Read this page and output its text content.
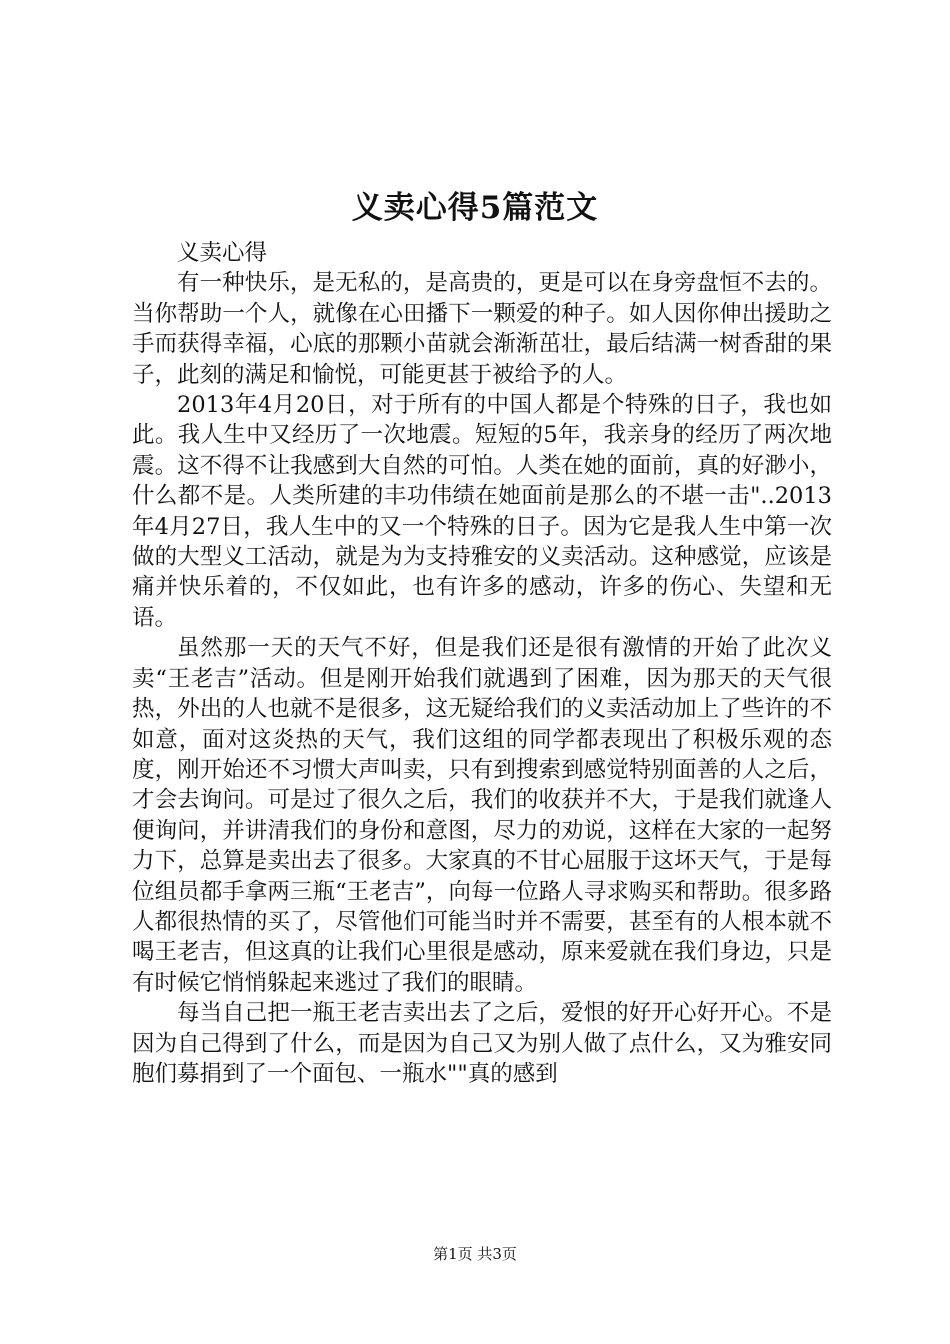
义卖心得5篇范文

义卖心得

有一种快乐，是无私的，是高贵的，更是可以在身旁盘恒不去的。当你帮助一个人，就像在心田播下一颗爱的种子。如人因你伸出援助之手而获得幸福，心底的那颗小苗就会渐渐茁壮，最后结满一树香甜的果子，此刻的满足和愉悦，可能更甚于被给予的人。

2013年4月20日，对于所有的中国人都是个特殊的日子，我也如此。我人生中又经历了一次地震。短短的5年，我亲身的经历了两次地震。这不得不让我感到大自然的可怕。人类在她的面前，真的好渺小，什么都不是。人类所建的丰功伟绩在她面前是那么的不堪一击"..2013年4月27日，我人生中的又一个特殊的日子。因为它是我人生中第一次做的大型义工活动，就是为为支持雅安的义卖活动。这种感觉，应该是痛并快乐着的，不仅如此，也有许多的感动，许多的伤心、失望和无语。

虽然那一天的天气不好，但是我们还是很有激情的开始了此次义卖“王老吉”活动。但是刚开始我们就遇到了困难，因为那天的天气很热，外出的人也就不是很多，这无疑给我们的义卖活动加上了些许的不如意，面对这炎热的天气，我们这组的同学都表现出了积极乐观的态度，刚开始还不习惯大声叫卖，只有到搜索到感觉特别面善的人之后，才会去询问。可是过了很久之后，我们的收获并不大，于是我们就逢人便询问，并讲清我们的身份和意图，尽力的劝说，这样在大家的一起努力下，总算是卖出去了很多。大家真的不甘心屈服于这坏天气，于是每位组员都手拿两三瓶“王老吉”，向每一位路人寻求购买和帮助。很多路人都很热情的买了，尽管他们可能当时并不需要，甚至有的人根本就不喝王老吉，但这真的让我们心里很是感动，原来爱就在我们身边，只是有时候它悄悄躲起来逃过了我们的眼睛。

每当自己把一瓶王老吉卖出去了之后，爱恨的好开心好开心。不是因为自己得到了什么，而是因为自己又为别人做了点什么，又为雅安同胞们募捐到了一个面包、一瓶水""真的感到

第1页 共3页
